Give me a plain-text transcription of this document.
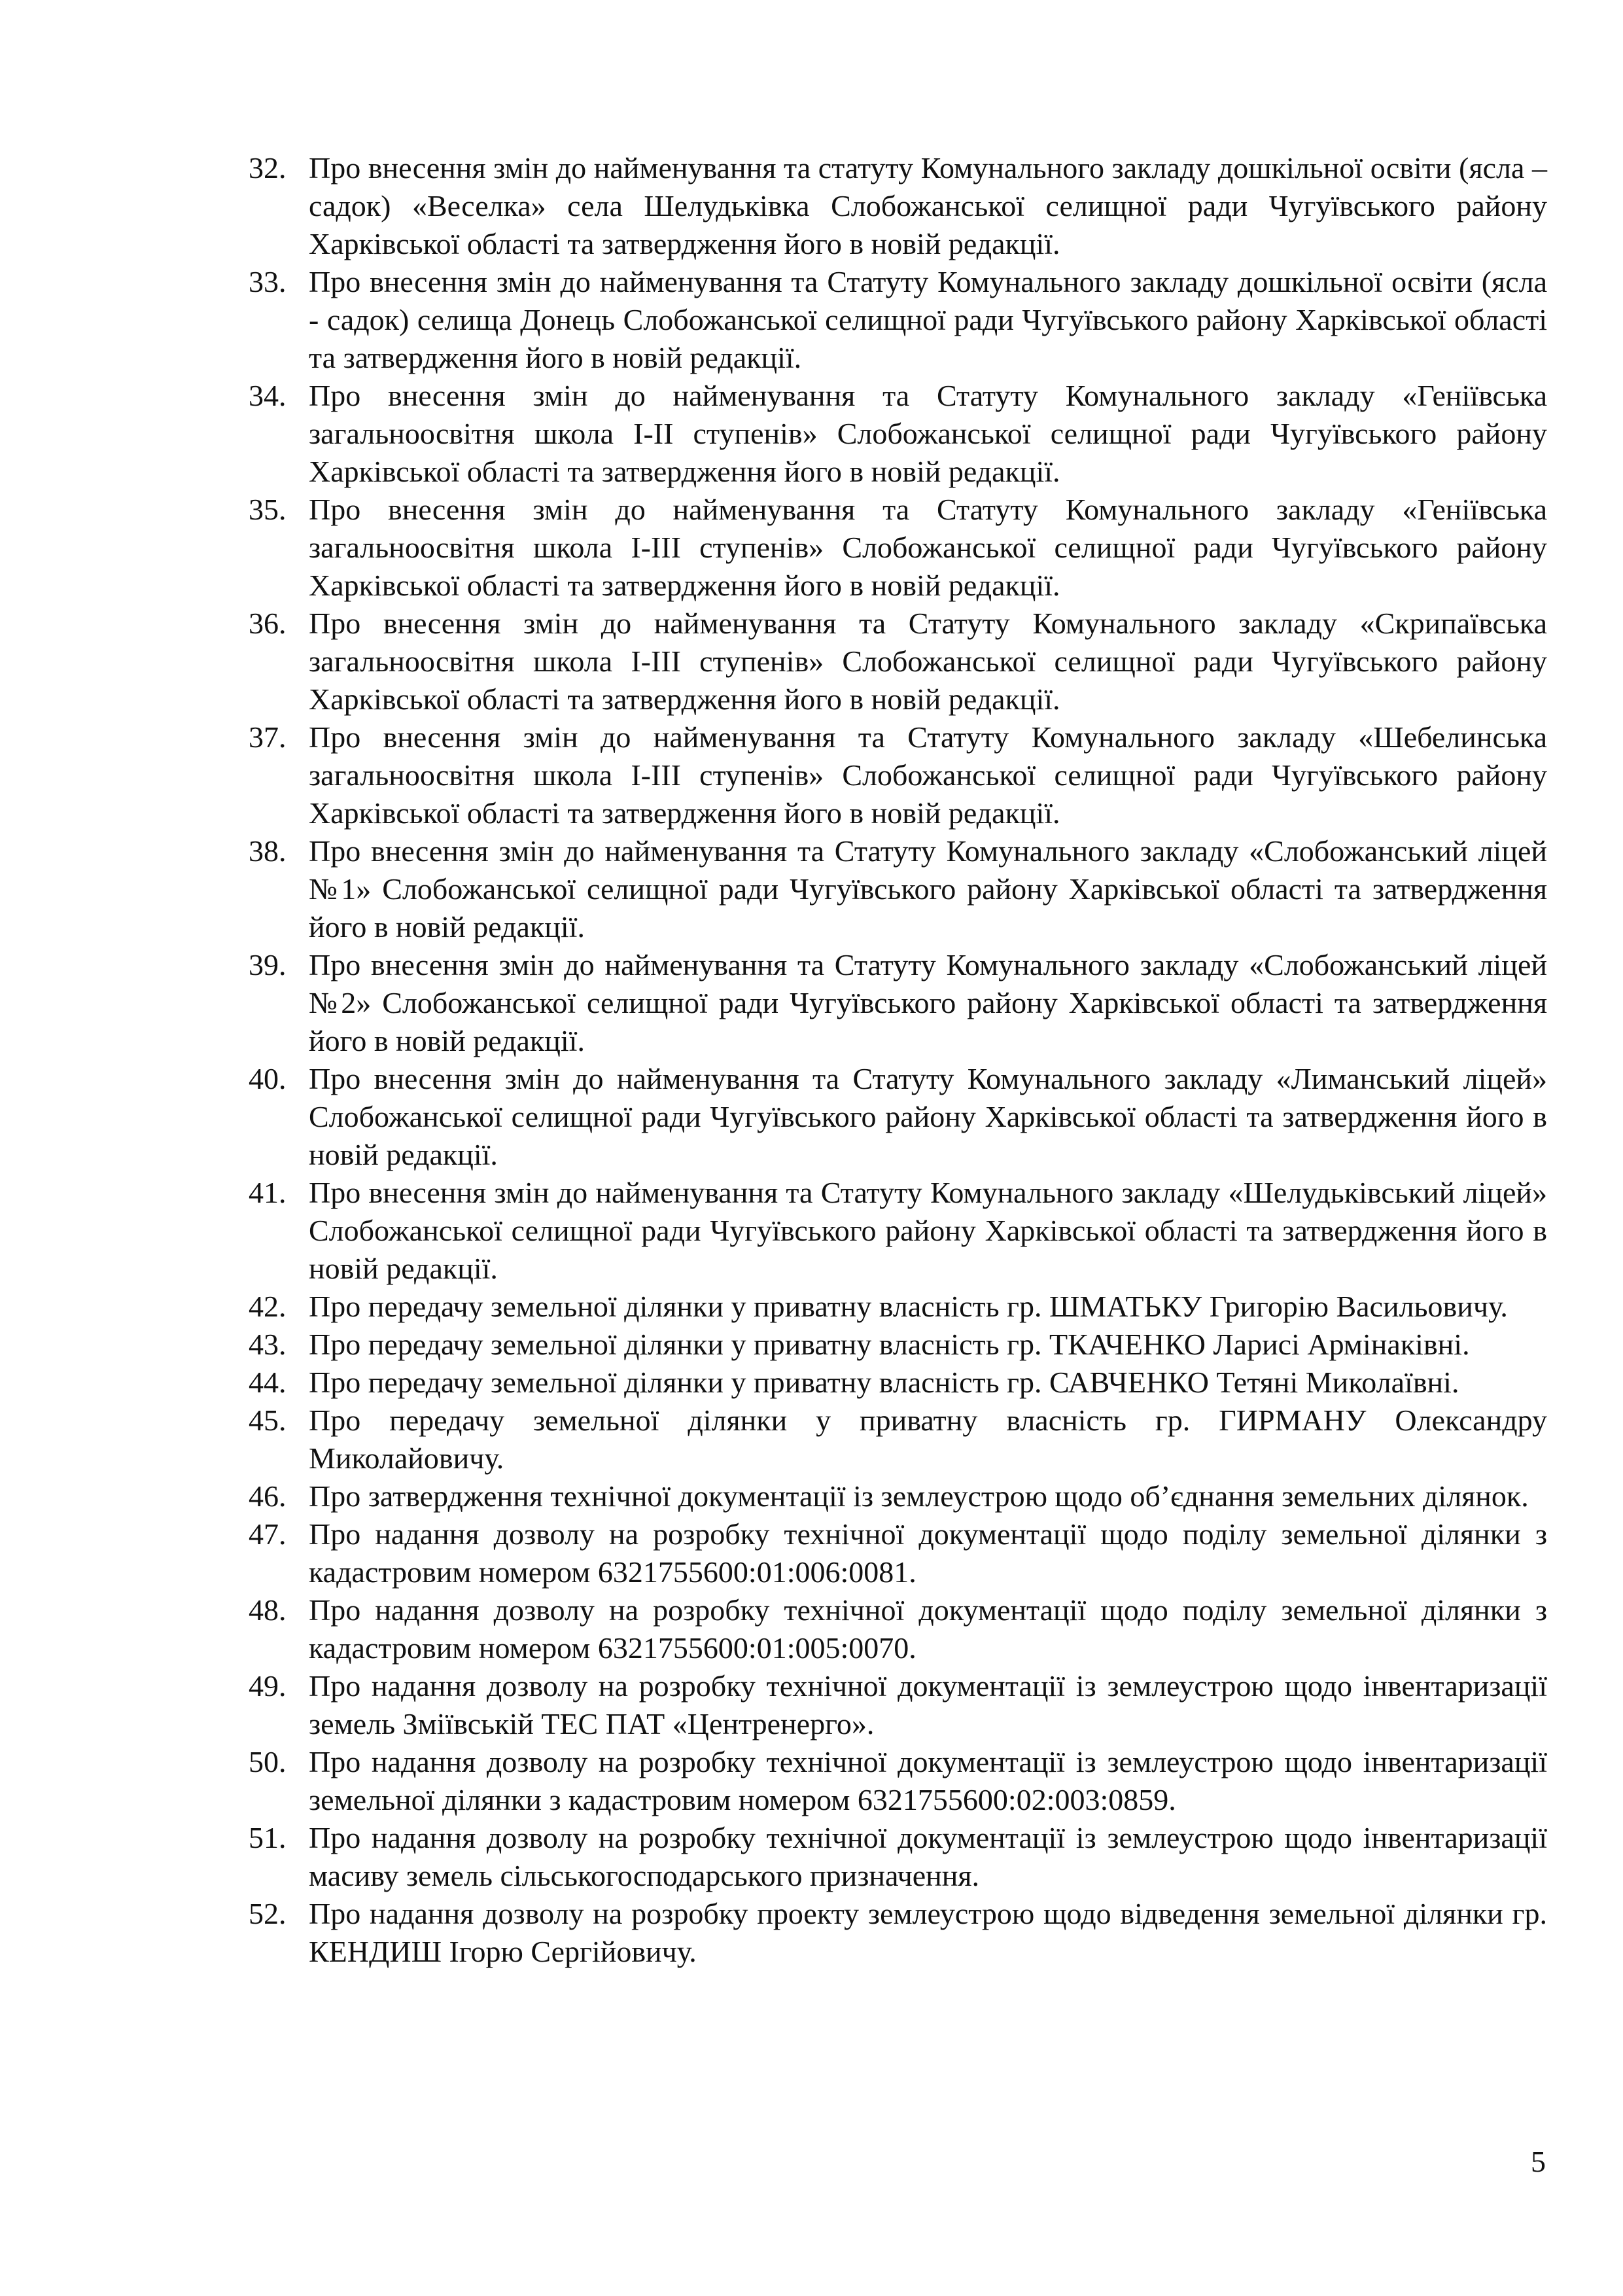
32. Про внесення змін до найменування та статуту Комунального закладу дошкільної освіти (ясла – садок) «Веселка» села Шелудьківка Слобожанської селищної ради Чугуївського району Харківської області та затвердження його в новій редакції.
33. Про внесення змін до найменування та Статуту Комунального закладу дошкільної освіти (ясла - садок) селища Донець Слобожанської селищної ради Чугуївського району Харківської області та затвердження його в новій редакції.
34. Про внесення змін до найменування та Статуту Комунального закладу «Геніївська загальноосвітня школа І-ІІ ступенів» Слобожанської селищної ради Чугуївського району Харківської області та затвердження його в новій редакції.
35. Про внесення змін до найменування та Статуту Комунального закладу «Геніївська загальноосвітня школа І-ІІІ ступенів» Слобожанської селищної ради Чугуївського району Харківської області та затвердження його в новій редакції.
36. Про внесення змін до найменування та Статуту Комунального закладу «Скрипаївська загальноосвітня школа І-ІІІ ступенів» Слобожанської селищної ради Чугуївського району Харківської області та затвердження його в новій редакції.
37. Про внесення змін до найменування та Статуту Комунального закладу «Шебелинська загальноосвітня школа І-ІІІ ступенів» Слобожанської селищної ради Чугуївського району Харківської області та затвердження його в новій редакції.
38. Про внесення змін до найменування та Статуту Комунального закладу «Слобожанський ліцей №1» Слобожанської селищної ради Чугуївського району Харківської області та затвердження його в новій редакції.
39. Про внесення змін до найменування та Статуту Комунального закладу «Слобожанський ліцей №2» Слобожанської селищної ради Чугуївського району Харківської області та затвердження його в новій редакції.
40. Про внесення змін до найменування та Статуту Комунального закладу «Лиманський ліцей» Слобожанської селищної ради Чугуївського району Харківської області та затвердження його в новій редакції.
41. Про внесення змін до найменування та Статуту Комунального закладу «Шелудьківський ліцей» Слобожанської селищної ради Чугуївського району Харківської області та затвердження його в новій редакції.
42. Про передачу земельної ділянки у приватну власність гр. ШМАТЬКУ Григорію Васильовичу.
43. Про передачу земельної ділянки у приватну власність гр. ТКАЧЕНКО Ларисі Армінаківні.
44. Про передачу земельної ділянки у приватну власність гр. САВЧЕНКО Тетяні Миколаївні.
45. Про передачу земельної ділянки у приватну власність гр. ГИРМАНУ Олександру Миколайовичу.
46. Про затвердження технічної документації із землеустрою щодо об’єднання земельних ділянок.
47. Про надання дозволу на розробку технічної документації щодо поділу земельної ділянки з кадастровим номером 6321755600:01:006:0081.
48. Про надання дозволу на розробку технічної документації щодо поділу земельної ділянки з кадастровим номером 6321755600:01:005:0070.
49. Про надання дозволу на розробку технічної документації із землеустрою щодо інвентаризації земель Зміївській ТЕС ПАТ «Центренерго».
50. Про надання дозволу на розробку технічної документації із землеустрою щодо інвентаризації земельної ділянки з кадастровим номером 6321755600:02:003:0859.
51. Про надання дозволу на розробку технічної документації із землеустрою щодо інвентаризації масиву земель сільськогосподарського призначення.
52. Про надання дозволу на розробку проекту землеустрою щодо відведення земельної ділянки гр. КЕНДИШ Ігорю Сергійовичу.
5
